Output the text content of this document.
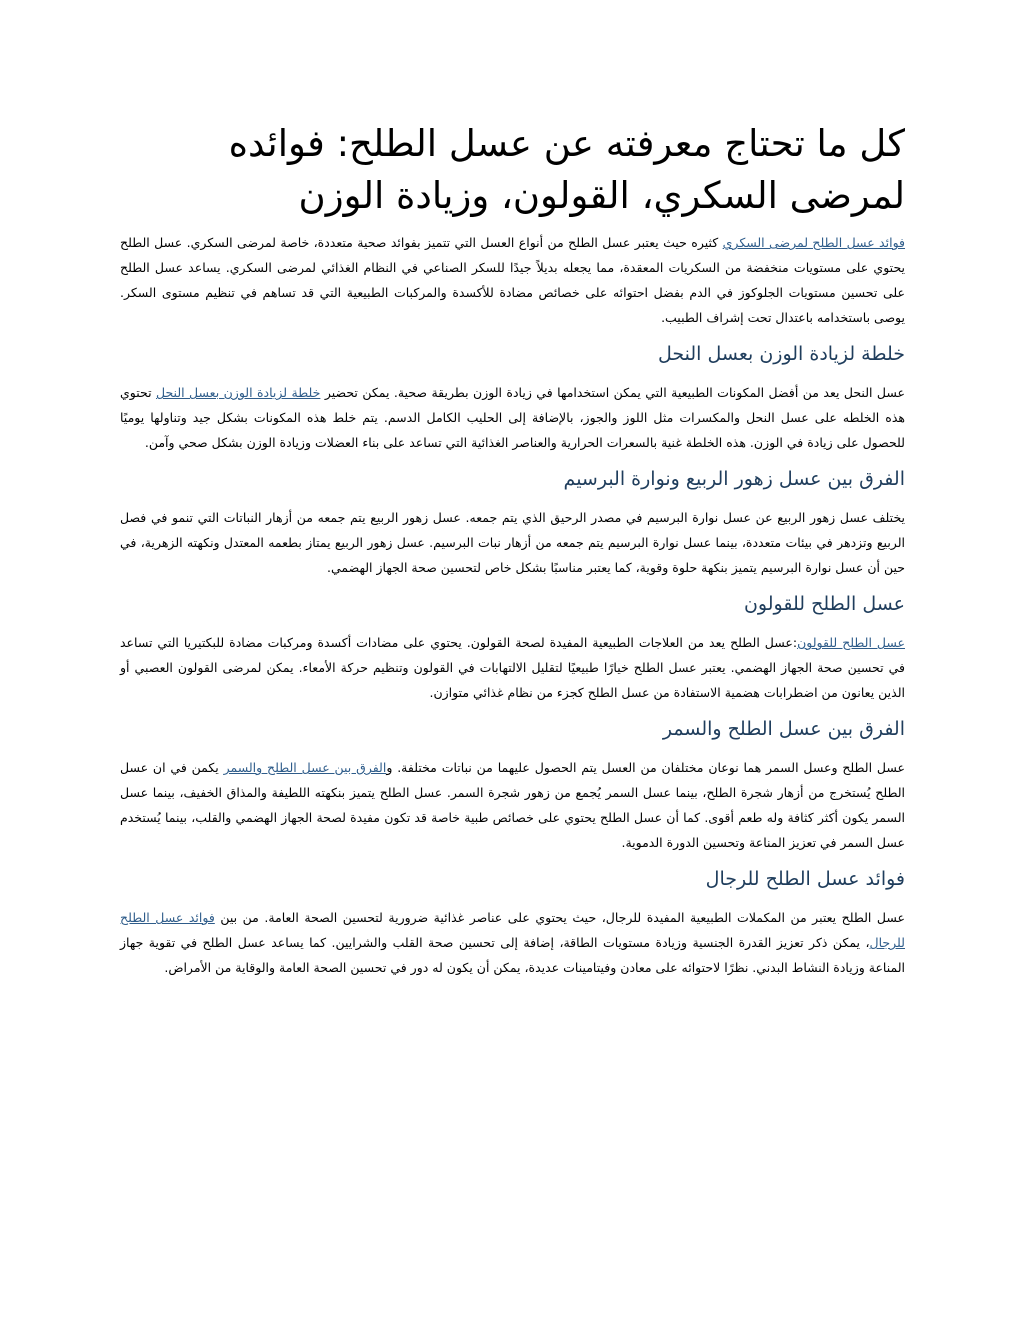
كل ما تحتاج معرفته عن عسل الطلح: فوائده لمرضى السكري، القولون، وزيادة الوزن

فوائد عسل الطلح لمرضى السكري كثيره حيث يعتبر عسل الطلح من أنواع العسل التي تتميز بفوائد صحية متعددة، خاصة لمرضى السكري. عسل الطلح يحتوي على مستويات منخفضة من السكريات المعقدة، مما يجعله بديلاً جيدًا للسكر الصناعي في النظام الغذائي لمرضى السكري. يساعد عسل الطلح على تحسين مستويات الجلوكوز في الدم بفضل احتوائه على خصائص مضادة للأكسدة والمركبات الطبيعية التي قد تساهم في تنظيم مستوى السكر. يوصى باستخدامه باعتدال تحت إشراف الطبيب.

خلطة لزيادة الوزن بعسل النحل

عسل النحل يعد من أفضل المكونات الطبيعية التي يمكن استخدامها في زيادة الوزن بطريقة صحية. يمكن تحضير خلطة لزيادة الوزن بعسل النحل تحتوي هذه الخلطه على عسل النحل والمكسرات مثل اللوز والجوز، بالإضافة إلى الحليب الكامل الدسم. يتم خلط هذه المكونات بشكل جيد وتناولها يوميًا للحصول على زيادة في الوزن. هذه الخلطة غنية بالسعرات الحرارية والعناصر الغذائية التي تساعد على بناء العضلات وزيادة الوزن بشكل صحي وآمن.

الفرق بين عسل زهور الربيع ونوارة البرسيم

يختلف عسل زهور الربيع عن عسل نوارة البرسيم في مصدر الرحيق الذي يتم جمعه. عسل زهور الربيع يتم جمعه من أزهار النباتات التي تنمو في فصل الربيع وتزدهر في بيئات متعددة، بينما عسل نوارة البرسيم يتم جمعه من أزهار نبات البرسيم. عسل زهور الربيع يمتاز بطعمه المعتدل ونكهته الزهرية، في حين أن عسل نوارة البرسيم يتميز بنكهة حلوة وقوية، كما يعتبر مناسبًا بشكل خاص لتحسين صحة الجهاز الهضمي.

عسل الطلح للقولون

عسل الطلح للقولون:عسل الطلح يعد من العلاجات الطبيعية المفيدة لصحة القولون. يحتوي على مضادات أكسدة ومركبات مضادة للبكتيريا التي تساعد في تحسين صحة الجهاز الهضمي. يعتبر عسل الطلح خيارًا طبيعيًا لتقليل الالتهابات في القولون وتنظيم حركة الأمعاء. يمكن لمرضى القولون العصبي أو الذين يعانون من اضطرابات هضمية الاستفادة من عسل الطلح كجزء من نظام غذائي متوازن.

الفرق بين عسل الطلح والسمر

عسل الطلح وعسل السمر هما نوعان مختلفان من العسل يتم الحصول عليهما من نباتات مختلفة. والفرق بين عسل الطلح والسمر يكمن في ان عسل الطلح يُستخرج من أزهار شجرة الطلح، بينما عسل السمر يُجمع من زهور شجرة السمر. عسل الطلح يتميز بنكهته اللطيفة والمذاق الخفيف، بينما عسل السمر يكون أكثر كثافة وله طعم أقوى. كما أن عسل الطلح يحتوي على خصائص طبية خاصة قد تكون مفيدة لصحة الجهاز الهضمي والقلب، بينما يُستخدم عسل السمر في تعزيز المناعة وتحسين الدورة الدموية.

فوائد عسل الطلح للرجال

عسل الطلح يعتبر من المكملات الطبيعية المفيدة للرجال، حيث يحتوي على عناصر غذائية ضرورية لتحسين الصحة العامة. من بين فوائد عسل الطلح للرجال، يمكن ذكر تعزيز القدرة الجنسية وزيادة مستويات الطاقة، إضافة إلى تحسين صحة القلب والشرايين. كما يساعد عسل الطلح في تقوية جهاز المناعة وزيادة النشاط البدني. نظرًا لاحتوائه على معادن وفيتامينات عديدة، يمكن أن يكون له دور في تحسين الصحة العامة والوقاية من الأمراض.
